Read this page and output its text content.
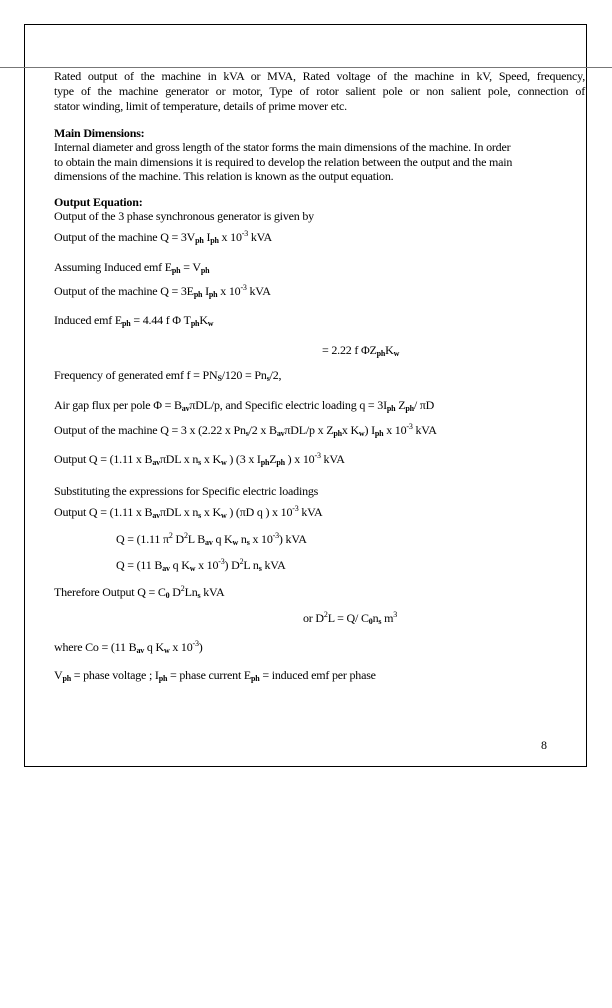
Rated output of the machine in kVA or MVA, Rated voltage of the machine in kV, Speed, frequency,
type of the machine generator or motor, Type of rotor salient pole or non salient pole, connection of
stator winding, limit of temperature, details of prime mover etc.
Main Dimensions:
Internal diameter and gross length of the stator forms the main dimensions of the machine. In order
to obtain the main dimensions it is required to develop the relation between the output and the main
dimensions of the machine. This relation is known as the output equation.
Output Equation:
Output of the 3 phase synchronous generator is given by
Output of the machine $Q = 3V_{ph}$ $I_{ph}$ x $10^{-3}$ kVA
Assuming Induced emf $E_{ph} = V_{ph}$
Output of the machine $Q = 3E_{ph}$ $I_{ph}$ x $10^{-3}$ kVA
Induced emf $E_{ph} = 4.44$ f Φ $T_{ph}K_w$
= 2.22 f $\Phi Z_{ph}K_w$
Frequency of generated emf $f = PN_S/120 = Pn_s/2$,
Air gap flux per pole $\Phi = B_{av}\pi DL/p$, and Specific electric loading $q = 3I_{ph}$ $Z_{ph}/$ πD
Output of the machine Q = 3 x (2.22 x $Pn_s/2$ x $B_{av}\pi DL/p$ x $Z_{ph}x$ $K_w$) $I_{ph}$ x $10^{-3}$ kVA
Output Q = (1.11 x $B_{av}\pi DL$ x $n_s$ x $K_w$ ) (3 x $I_{ph}Z_{ph}$ ) x $10^{-3}$ kVA
Substituting the expressions for Specific electric loadings
Output Q = (1.11 x $B_{av}\pi DL$ x $n_s$ x $K_w$ ) (πD q ) x $10^{-3}$ kVA
Q = (1.11 $\pi^2$ $D^2L$ $B_{av}$ q $K_w$ $n_s$ x $10^{-3}$) kVA
Q = (11 $B_{av}$ q $K_w$ x $10^{-3}$) $D^2L$ $n_s$ kVA
Therefore Output $Q = C_0$ $D^2Ln_s$ kVA
or $D^2L = Q/$ $C_0n_s$ $m^3$
where Co = (11 $B_{av}$ q $K_w$ x $10^{-3}$)
$V_{ph}$ = phase voltage ; $I_{ph}$ = phase current $E_{ph}$ = induced emf per phase
8
